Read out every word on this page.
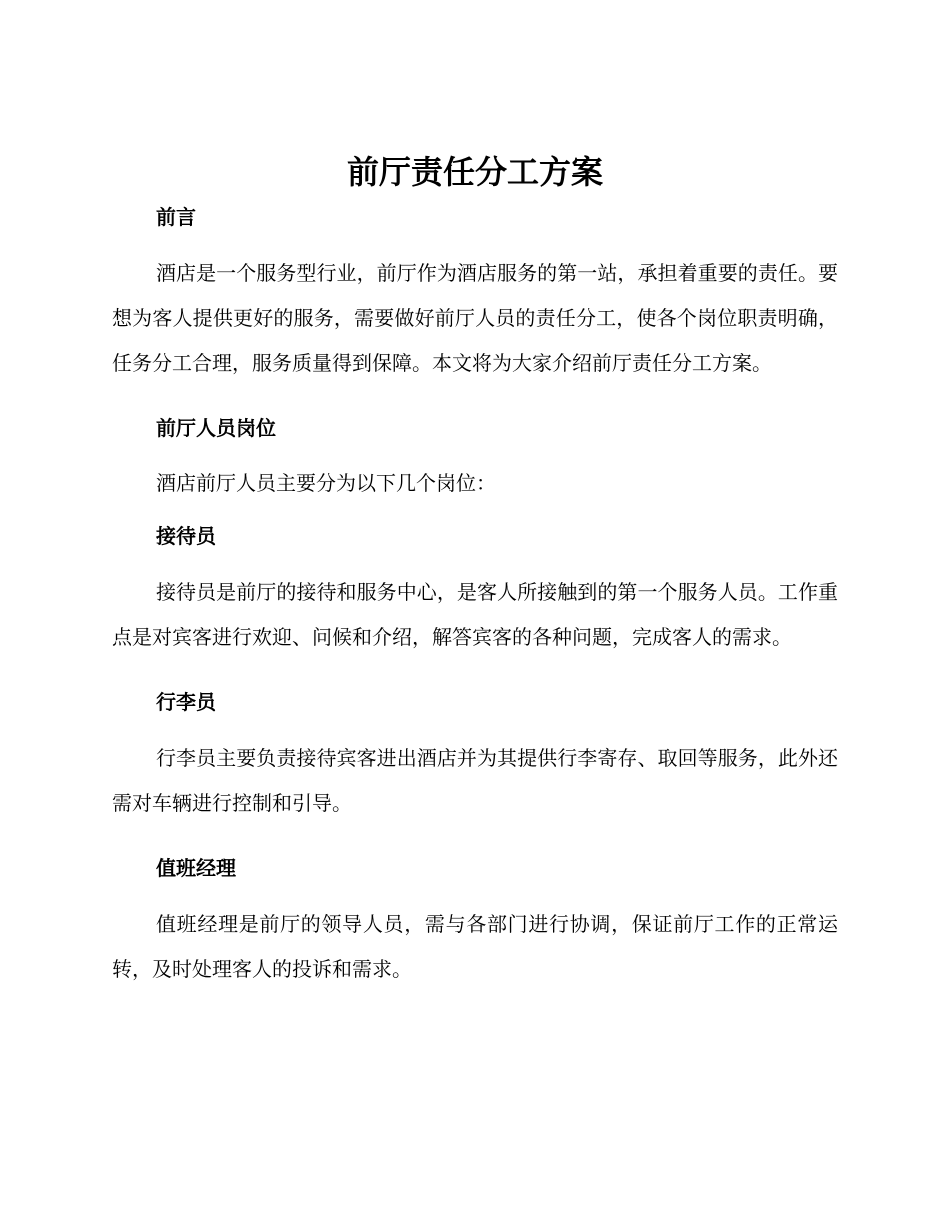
前厅责任分工方案
前言

酒店是一个服务型行业，前厅作为酒店服务的第一站，承担着重要的责任。要想为客人提供更好的服务，需要做好前厅人员的责任分工，使各个岗位职责明确，任务分工合理，服务质量得到保障。本文将为大家介绍前厅责任分工方案。

前厅人员岗位

酒店前厅人员主要分为以下几个岗位：

接待员

接待员是前厅的接待和服务中心，是客人所接触到的第一个服务人员。工作重点是对宾客进行欢迎、问候和介绍，解答宾客的各种问题，完成客人的需求。

行李员

行李员主要负责接待宾客进出酒店并为其提供行李寄存、取回等服务，此外还需对车辆进行控制和引导。

值班经理

值班经理是前厅的领导人员，需与各部门进行协调，保证前厅工作的正常运转，及时处理客人的投诉和需求。
